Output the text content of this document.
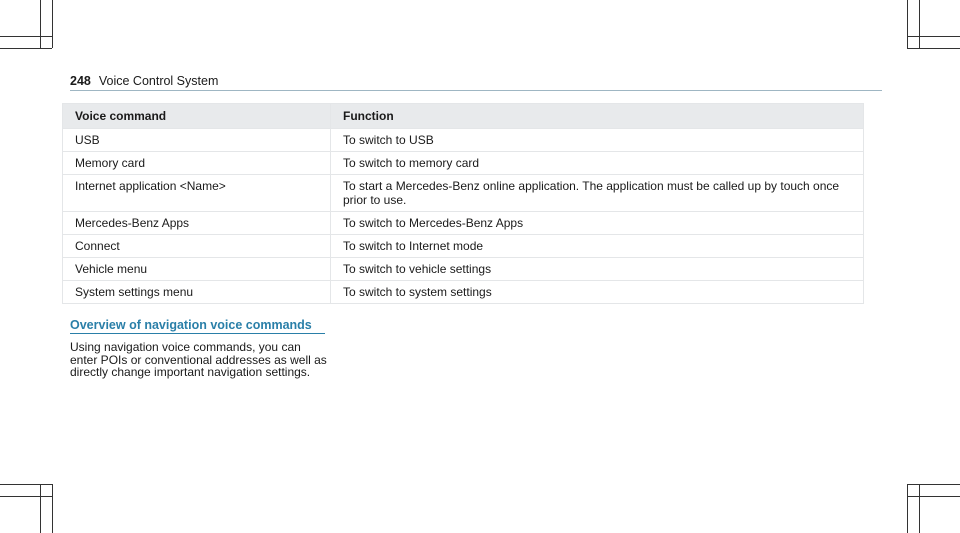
248 Voice Control System
Voice command	Function
USB	To switch to USB
Memory card	To switch to memory card
Internet application <Name>	To start a Mercedes-Benz online application. The application must be called up by touch once prior to use.
Mercedes-Benz Apps	To switch to Mercedes-Benz Apps
Connect	To switch to Internet mode
Vehicle menu	To switch to vehicle settings
System settings menu	To switch to system settings
Overview of navigation voice commands
Using navigation voice commands, you can enter POIs or conventional addresses as well as directly change important navigation settings.
